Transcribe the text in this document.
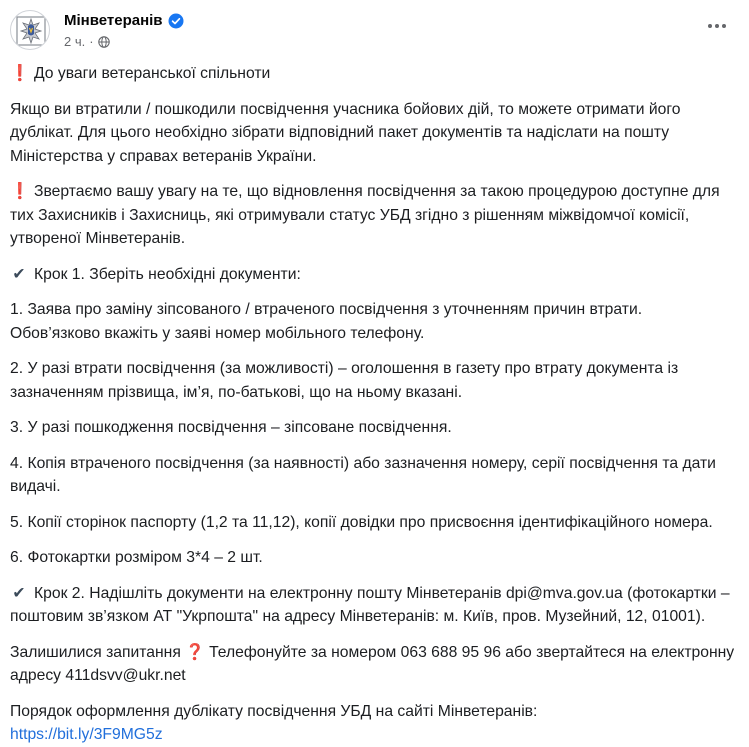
Мінветеранів
2 ч. ·

❗ До уваги ветеранської спільноти

Якщо ви втратили / пошкодили посвідчення учасника бойових дій, то можете отримати його дублікат. Для цього необхідно зібрати відповідний пакет документів та надіслати на пошту Міністерства у справах ветеранів України.

❗ Звертаємо вашу увагу на те, що відновлення посвідчення за такою процедурою доступне для тих Захисників і Захисниць, які отримували статус УБД згідно з рішенням міжвідомчої комісії, утвореної Мінветеранів.

✔ Крок 1. Зберіть необхідні документи:

1. Заява про заміну зіпсованого / втраченого посвідчення з уточненням причин втрати. Обов’язково вкажіть у заяві номер мобільного телефону.

2. У разі втрати посвідчення (за можливості) – оголошення в газету про втрату документа із зазначенням прізвища, ім’я, по-батькові, що на ньому вказані.

3. У разі пошкодження посвідчення – зіпсоване посвідчення.

4. Копія втраченого посвідчення (за наявності) або зазначення номеру, серії посвідчення та дати видачі.

5. Копії сторінок паспорту (1,2 та 11,12), копії довідки про присвоєння ідентифікаційного номера.

6. Фотокартки розміром 3*4 – 2 шт.

✔ Крок 2. Надішліть документи на електронну пошту Мінветеранів dpi@mva.gov.ua (фотокартки – поштовим зв’язком АТ "Укрпошта" на адресу Мінветеранів: м. Київ, пров. Музейний, 12, 01001).

Залишилися запитання ❓ Телефонуйте за номером 063 688 95 96 або звертайтеся на електронну адресу 411dsvv@ukr.net

Порядок оформлення дублікату посвідчення УБД на сайті Мінветеранів:
https://bit.ly/3F9MG5z
